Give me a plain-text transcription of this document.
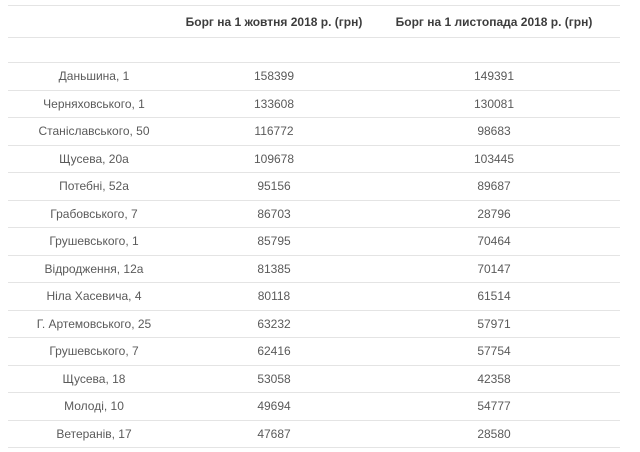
	Борг на 1 жовтня 2018 р. (грн)	Борг на 1 листопада 2018 р. (грн)

Даньшина, 1	158399	149391
Черняховського, 1	133608	130081
Станіславського, 50	116772	98683
Щусева, 20а	109678	103445
Потебні, 52а	95156	89687
Грабовського, 7	86703	28796
Грушевського, 1	85795	70464
Відродження, 12а	81385	70147
Ніла Хасевича, 4	80118	61514
Г. Артемовського, 25	63232	57971
Грушевського, 7	62416	57754
Щусева, 18	53058	42358
Молоді, 10	49694	54777
Ветеранів, 17	47687	28580
